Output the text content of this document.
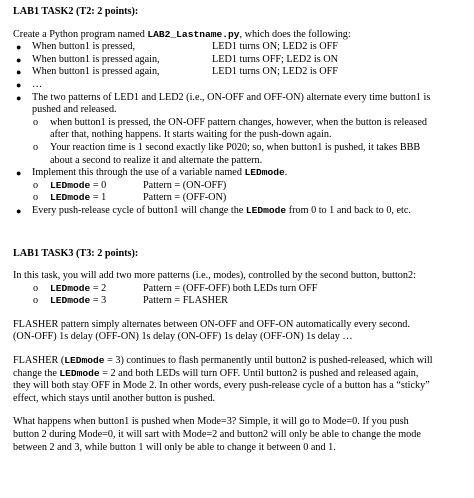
LAB1 TASK2 (T2: 2 points):

Create a Python program named LAB2_Lastname.py, which does the following:

● When button1 is pressed,	LED1 turns ON; LED2 is OFF
● When button1 is pressed again,	LED1 turns OFF; LED2 is ON
● When button1 is pressed again,	LED1 turns ON; LED2 is OFF
● …
● The two patterns of LED1 and LED2 (i.e., ON-OFF and OFF-ON) alternate every time button1 is
pushed and released.
o when button1 is pressed, the ON-OFF pattern changes, however, when the button is released
after that, nothing happens. It starts waiting for the push-down again.
o Your reaction time is 1 second exactly like P020; so, when button1 is pushed, it takes BBB
about a second to realize it and alternate the pattern.
● Implement this through the use of a variable named LEDmode.
o LEDmode = 0	Pattern = (ON-OFF)
o LEDmode = 1	Pattern = (OFF-ON)
● Every push-release cycle of button1 will change the LEDmode from 0 to 1 and back to 0, etc.

LAB1 TASK3 (T3: 2 points):

In this task, you will add two more patterns (i.e., modes), controlled by the second button, button2:

o LEDmode = 2	Pattern = (OFF-OFF) both LEDs turn OFF
o LEDmode = 3	Pattern = FLASHER

FLASHER pattern simply alternates between ON-OFF and OFF-ON automatically every second.
(ON-OFF) 1s delay (OFF-ON) 1s delay (ON-OFF) 1s delay (OFF-ON) 1s delay …

FLASHER (LEDmode = 3) continues to flash permanently until button2 is pushed-released, which will
change the LEDmode = 2 and both LEDs will turn OFF. Until button2 is pushed and released again,
they will both stay OFF in Mode 2. In other words, every push-release cycle of a button has a “sticky”
effect, which stays until another button is pushed.

What happens when button1 is pushed when Mode=3? Simple, it will go to Mode=0. If you push
button 2 during Mode=0, it will sart with Mode=2 and button2 will only be able to change the mode
between 2 and 3, while button 1 will only be able to change it between 0 and 1.
